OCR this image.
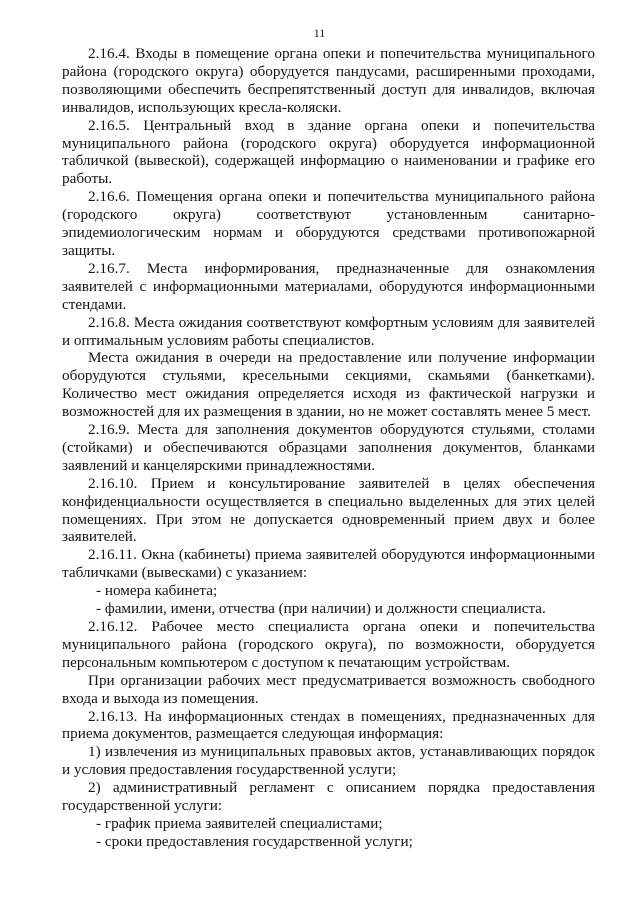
11

2.16.4. Входы в помещение органа опеки и попечительства муниципального района (городского округа) оборудуется пандусами, расширенными проходами, позволяющими обеспечить беспрепятственный доступ для инвалидов, включая инвалидов, использующих кресла-коляски.

2.16.5. Центральный вход в здание органа опеки и попечительства муниципального района (городского округа) оборудуется информационной табличкой (вывеской), содержащей информацию о наименовании и графике его работы.

2.16.6. Помещения органа опеки и попечительства муниципального района (городского округа) соответствуют установленным санитарно-эпидемиологическим нормам и оборудуются средствами противопожарной защиты.

2.16.7. Места информирования, предназначенные для ознакомления заявителей с информационными материалами, оборудуются информационными стендами.

2.16.8. Места ожидания соответствуют комфортным условиям для заявителей и оптимальным условиям работы специалистов.

Места ожидания в очереди на предоставление или получение информации оборудуются стульями, кресельными секциями, скамьями (банкетками). Количество мест ожидания определяется исходя из фактической нагрузки и возможностей для их размещения в здании, но не может составлять менее 5 мест.

2.16.9. Места для заполнения документов оборудуются стульями, столами (стойками) и обеспечиваются образцами заполнения документов, бланками заявлений и канцелярскими принадлежностями.

2.16.10. Прием и консультирование заявителей в целях обеспечения конфиденциальности осуществляется в специально выделенных для этих целей помещениях. При этом не допускается одновременный прием двух и более заявителей.

2.16.11. Окна (кабинеты) приема заявителей оборудуются информационными табличками (вывесками) с указанием:

- номера кабинета;

- фамилии, имени, отчества (при наличии) и должности специалиста.

2.16.12. Рабочее место специалиста органа опеки и попечительства муниципального района (городского округа), по возможности, оборудуется персональным компьютером с доступом к печатающим устройствам.

При организации рабочих мест предусматривается возможность свободного входа и выхода из помещения.

2.16.13. На информационных стендах в помещениях, предназначенных для приема документов, размещается следующая информация:

1) извлечения из муниципальных правовых актов, устанавливающих порядок и условия предоставления государственной услуги;

2) административный регламент с описанием порядка предоставления государственной услуги:

- график приема заявителей специалистами;

- сроки предоставления государственной услуги;
